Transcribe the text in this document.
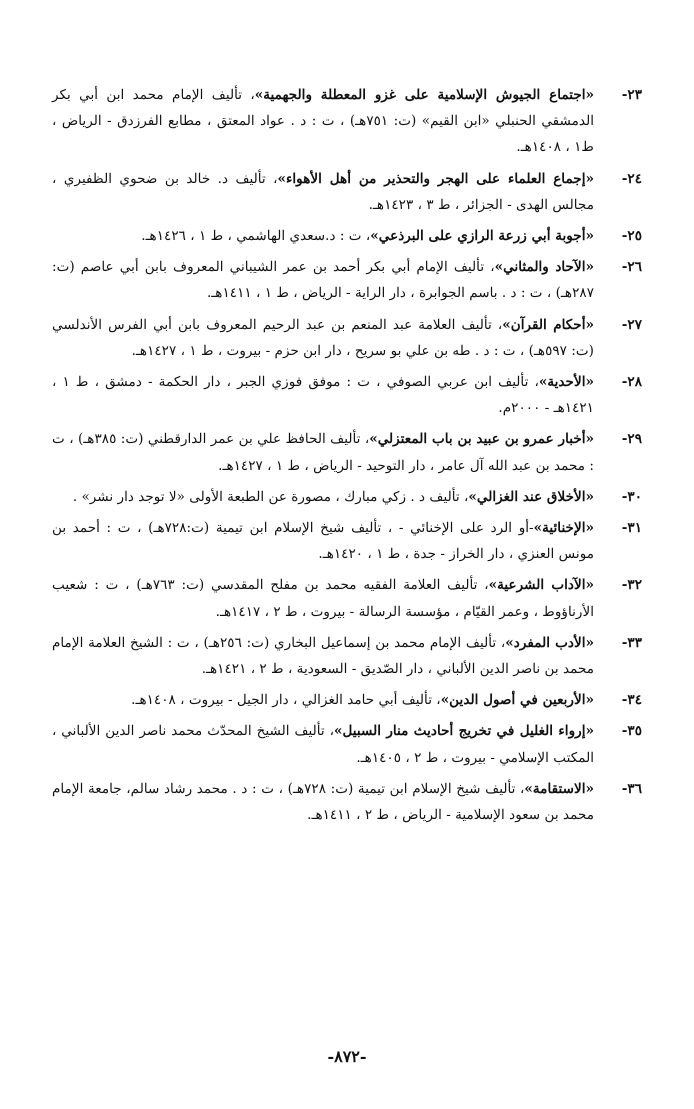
٢٣-
«اجتماع الجيوش الإسلامية على غزو المعطلة والجهمية»، تأليف الإمام محمد ابن أبي بكر الدمشقي الحنبلي «ابن القيم» (ت: ٧٥١هـ) ، ت : د . عواد المعتق ، مطابع الفرزدق - الرياض ، ط١ ، ١٤٠٨هـ.
٢٤-
«إجماع العلماء على الهجر والتحذير من أهل الأهواء»، تأليف د. خالد بن ضحوي الظفيري ، مجالس الهدى - الجزائر ، ط ٣ ، ١٤٢٣هـ.
٢٥-
«أجوبة أبي زرعة الرازي على البرذعي»، ت : د.سعدي الهاشمي ، ط ١ ، ١٤٢٦هـ.
٢٦-
«الآحاد والمثاني»، تأليف الإمام أبي بكر أحمد بن عمر الشيباني المعروف بابن أبي عاصم (ت: ٢٨٧هـ) ، ت : د . باسم الجوابرة ، دار الراية - الرياض ، ط ١ ، ١٤١١هـ.
٢٧-
«أحكام القرآن»، تأليف العلامة عبد المنعم بن عبد الرحيم المعروف بابن أبي الفرس الأندلسي (ت: ٥٩٧هـ) ، ت : د . طه بن علي بو سريح ، دار ابن حزم - بيروت ، ط ١ ، ١٤٢٧هـ.
٢٨-
«الأحدية»، تأليف ابن عربي الصوفي ، ت : موفق فوزي الجبر ، دار الحكمة - دمشق ، ط ١ ، ١٤٢١هـ - ٢٠٠٠م.
٢٩-
«أخبار عمرو بن عبيد بن باب المعتزلي»، تأليف الحافظ علي بن عمر الدارقطني (ت: ٣٨٥هـ) ، ت : محمد بن عبد الله آل عامر ، دار التوحيد - الرياض ، ط ١ ، ١٤٢٧هـ.
٣٠-
«الأخلاق عند الغزالي»، تأليف د . زكي مبارك ، مصورة عن الطبعة الأولى «لا توجد دار نشر» .
٣١-
«الإخنائية»-أو الرد على الإخنائي - ، تأليف شيخ الإسلام ابن تيمية (ت:٧٢٨هـ) ، ت : أحمد بن مونس العنزي ، دار الخراز - جدة ، ط ١ ، ١٤٢٠هـ.
٣٢-
«الآداب الشرعية»، تأليف العلامة الفقيه محمد بن مفلح المقدسي (ت: ٧٦٣هـ) ، ت : شعيب الأرناؤوط ، وعمر القيّام ، مؤسسة الرسالة - بيروت ، ط ٢ ، ١٤١٧هـ.
٣٣-
«الأدب المفرد»، تأليف الإمام محمد بن إسماعيل البخاري (ت: ٢٥٦هـ) ، ت : الشيخ العلامة الإمام محمد بن ناصر الدين الألباني ، دار الصّديق - السعودية ، ط ٢ ، ١٤٢١هـ.
٣٤-
«الأربعين في أصول الدين»، تأليف أبي حامد الغزالي ، دار الجيل - بيروت ، ١٤٠٨هـ.
٣٥-
«إرواء الغليل في تخريج أحاديث منار السبيل»، تأليف الشيخ المحدّث محمد ناصر الدين الألباني ، المكتب الإسلامي - بيروت ، ط ٢ ، ١٤٠٥هـ.
٣٦-
«الاستقامة»، تأليف شيخ الإسلام ابن تيمية (ت: ٧٢٨هـ) ، ت : د . محمد رشاد سالم، جامعة الإمام محمد بن سعود الإسلامية - الرياض ، ط ٢ ، ١٤١١هـ.
-٨٧٢-
